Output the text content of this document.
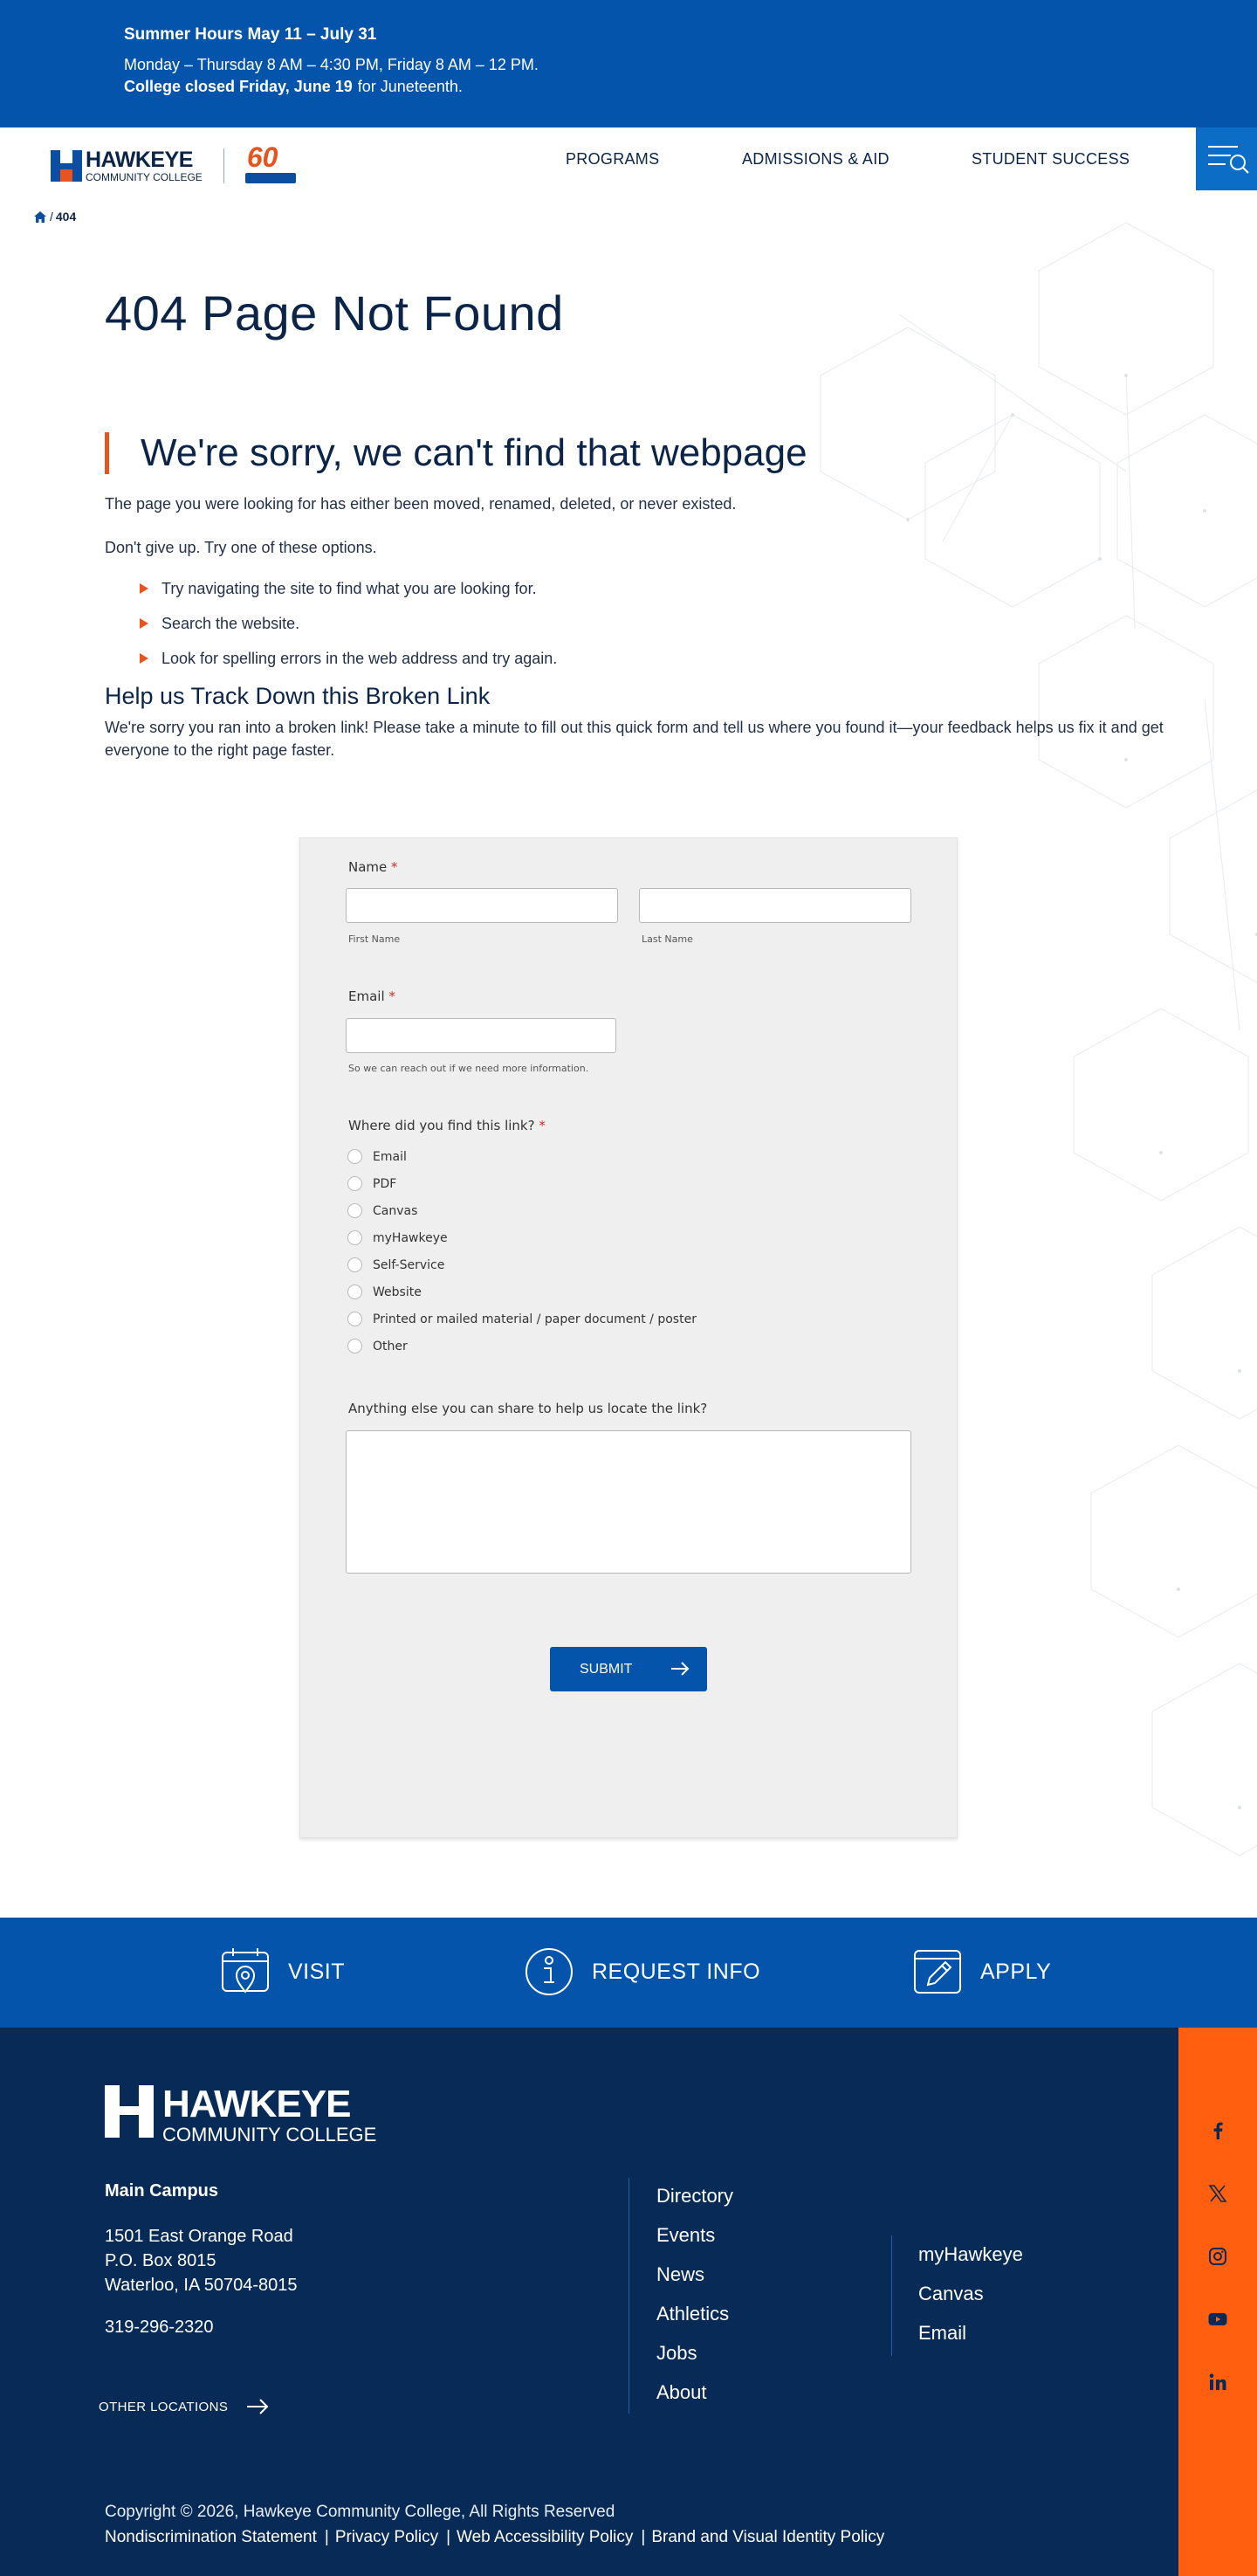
Summer Hours May 11 – July 31
Monday – Thursday 8 AM – 4:30 PM, Friday 8 AM – 12 PM.
College closed Friday, June 19 for Juneteenth.
HAWKEYE
COMMUNITY COLLEGE
60	PROGRAMS	ADMISSIONS & AID	STUDENT SUCCESS
/ 404
404 Page Not Found
We're sorry, we can't find that webpage

The page you were looking for has either been moved, renamed, deleted, or never existed.

Don't give up. Try one of these options.

Try navigating the site to find what you are looking for.
Search the website.
Look for spelling errors in the web address and try again.
Help us Track Down this Broken Link

We're sorry you ran into a broken link! Please take a minute to fill out this quick form and tell us where you found it—your feedback helps us fix it and get everyone to the right page faster.

Name *
First Name	Last Name
Email *
So we can reach out if we need more information.
Where did you find this link? *
Email
PDF
Canvas
myHawkeye
Self-Service
Website
Printed or mailed material / paper document / poster
Other
Anything else you can share to help us locate the link?
SUBMIT
VISIT	REQUEST INFO	APPLY
HAWKEYE
COMMUNITY COLLEGE
Main Campus
1501 East Orange Road
P.O. Box 8015
Waterloo, IA 50704-8015
319-296-2320
OTHER LOCATIONS
Directory
Events
News
Athletics
Jobs
About
myHawkeye
Canvas
Email
Copyright © 2026, Hawkeye Community College, All Rights Reserved
Nondiscrimination Statement | Privacy Policy | Web Accessibility Policy | Brand and Visual Identity Policy
